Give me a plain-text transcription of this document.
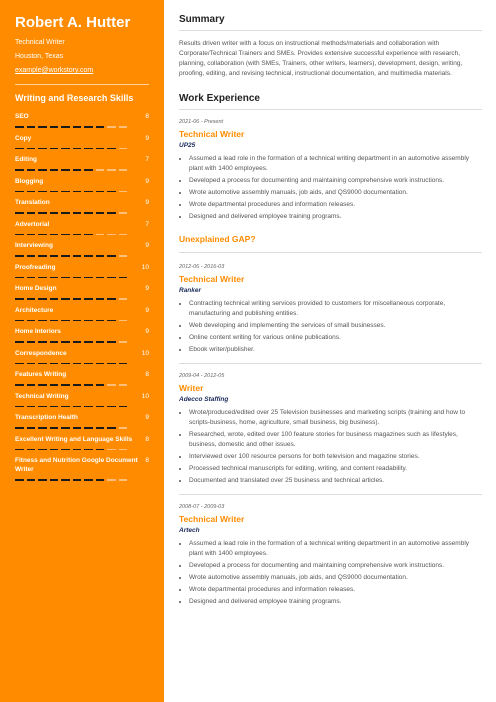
Robert A. Hutter
Technical Writer
Houston, Texas
example@workstory.com
Writing and Research Skills
SEO	8
Copy	9
Editing	7
Blogging	9
Translation	9
Advertorial	7
Interviewing	9
Proofreading	10
Home Design	9
Architecture	9
Home Interiors	9
Correspondence	10
Features Writing	8
Technical Writing	10
Transcription Health	9
Excellent Writing and Language Skills 8
Fitness and Nutrition Google Document Writer
8
Summary

Results driven writer with a focus on instructional methods/materials and collaboration with Corporate/Technical Trainers and SMEs. Provides extensive successful experience with research, planning, collaboration (with SMEs, Trainers, other writers, learners), development, design, writing, proofing, editing, and revising technical, instructional documentation, and multimedia materials.

Work Experience
2021-06 - Present
Technical Writer
UP25
• Assumed a lead role in the formation of a technical writing department in an automotive assembly plant with 1400 employees.
• Developed a process for documenting and maintaining comprehensive work instructions.
• Wrote automotive assembly manuals, job aids, and QS9000 documentation.
• Wrote departmental procedures and information releases.
• Designed and delivered employee training programs.
Unexplained GAP?
2012-06 - 2016-03
Technical Writer
Ranker
• Contracting technical writing services provided to customers for miscellaneous corporate, manufacturing and publishing entities.
• Web developing and implementing the services of small businesses.
• Online content writing for various online publications.
• Ebook writer/publisher.
2009-04 - 2012-05
Writer
Adecco Staffing
• Wrote/produced/edited over 25 Television businesses and marketing scripts (training and how to scripts-business, home, agriculture, small business, big business).
• Researched, wrote, edited over 100 feature stories for business magazines such as lifestyles, business, domestic and other issues.
• Interviewed over 100 resource persons for both television and magazine stories.
• Processed technical manuscripts for editing, writing, and content readability.
• Documented and translated over 25 business and technical articles.
2008-07 - 2009-03
Technical Writer
Artech
• Assumed a lead role in the formation of a technical writing department in an automotive assembly plant with 1400 employees.
• Developed a process for documenting and maintaining comprehensive work instructions.
• Wrote automotive assembly manuals, job aids, and QS9000 documentation.
• Wrote departmental procedures and information releases.
• Designed and delivered employee training programs.
